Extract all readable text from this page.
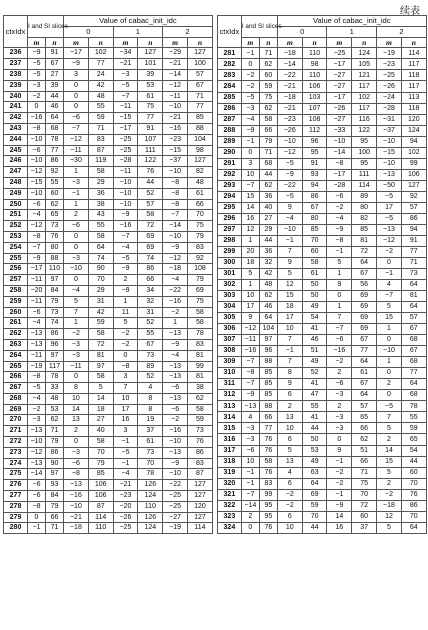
续表
ctxIdx	I and SI slices		Value of cabac_init_idc					
			0		1		2	
	m	n	m	n	m	n	m	n
236	−9	91	−17	102	−34	127	−29	127
237	−5	67	−9	77	−21	101	−21	100
238	−5	27	3	24	−3	39	−14	57
239	−3	39	0	42	−5	53	−12	67
240	−2	44	0	48	−7	61	−11	71
241	0	46	0	55	−11	75	−10	77
242	−16	64	−6	59	−15	77	−21	85
243	−8	68	−7	71	−17	91	−16	88
244	−10	78	−12	83	−25	107	−23	104
245	−6	77	−11	87	−25	111	−15	98
246	−10	86	−30	119	−28	122	−37	127
247	−12	92	1	58	−11	76	−10	82
248	−15	55	−3	29	−10	44	−8	48
249	−10	60	−1	36	−10	52	−8	61
250	−6	62	1	38	−10	57	−8	66
251	−4	65	2	43	−9	58	−7	70
252	−12	73	−6	55	−16	72	−14	75
253	−8	76	0	58	−7	69	−10	79
254	−7	80	0	64	−4	69	−9	83
255	−9	88	−3	74	−5	74	−12	92
256	−17	110	−10	90	−9	86	−18	108
257	−11	97	0	70	2	66	−4	79
258	−20	84	−4	29	−9	34	−22	69
259	−11	79	5	31	1	32	−16	75
260	−6	73	7	42	11	31	−2	58
261	−4	74	1	59	5	52	1	58
262	−13	86	−2	58	−2	55	−13	78
263	−13	96	−3	72	−2	67	−9	83
264	−11	97	−3	81	0	73	−4	81
265	−19	117	−11	97	−8	89	−13	99
266	−8	78	0	58	3	52	−13	81
267	−5	33	8	5	7	4	−6	38
268	−4	48	10	14	10	8	−13	62
269	−2	53	14	18	17	8	−6	58
270	−3	62	13	27	16	19	−2	59
271	−13	71	2	40	3	37	−16	73
272	−10	79	0	58	−1	61	−10	76
273	−12	86	−3	70	−5	73	−13	86
274	−13	90	−6	79	−1	70	−9	83
275	−14	97	−8	85	−4	78	−10	87
276	−6	93	−13	106	−21	126	−22	127
277	−6	84	−16	106	−23	124	−25	127
278	−8	79	−10	87	−20	110	−25	120
279	0	66	−21	114	−26	126	−27	127
280	−1	71	−18	110	−25	124	−19	114
ctxIdx	I and SI slices		Value of cabac_init_idc					
			0		1		2	
	m	n	m	n	m	n	m	n
281	−1	71	−18	110	−25	124	−19	114
282	0	62	−14	98	−17	105	−23	117
283	−2	60	−22	110	−27	121	−25	118
284	−2	59	−21	106	−27	117	−26	117
285	−5	75	−18	103	−17	102	−24	113
286	−3	62	−21	107	−26	117	−28	118
287	−4	58	−23	108	−27	116	−31	120
288	−9	66	−26	112	−33	122	−37	124
289	−1	79	−10	96	−10	95	−10	94
290	0	71	−12	95	−14	100	−15	102
291	3	68	−5	91	−8	95	−10	99
292	10	44	−9	93	−17	111	−13	106
293	−7	62	−22	94	−28	114	−50	127
294	15	36	−5	86	−6	89	−5	92
295	14	40	9	67	−2	80	17	57
296	16	27	−4	80	−4	82	−5	86
297	12	29	−10	85	−9	85	−13	94
298	1	44	−1	70	−8	81	−12	91
299	20	36	7	60	−1	72	−2	77
300	18	32	9	58	5	64	0	71
301	5	42	5	61	1	67	−1	73
302	1	48	12	50	9	56	4	64
303	10	62	15	50	0	69	−7	81
304	17	46	18	49	1	69	5	64
305	9	64	17	54	7	69	15	57
306	−12	104	10	41	−7	69	1	67
307	−11	97	7	46	−6	67	0	68
308	−16	96	−1	51	−16	77	−10	67
309	−7	88	7	49	−2	64	1	68
310	−8	85	8	52	2	61	0	77
311	−7	85	9	41	−6	67	2	64
312	−9	85	6	47	−3	64	0	68
313	−13	88	2	55	2	57	−5	78
314	4	66	13	41	−3	65	7	55
315	−3	77	10	44	−3	66	5	59
316	−3	76	6	50	0	62	2	65
317	−6	76	5	53	9	51	14	54
318	10	58	13	49	−1	66	15	44
319	−1	76	4	63	−2	71	5	60
320	−1	83	6	64	−2	75	2	70
321	−7	99	−2	69	−1	70	−2	76
322	−14	95	−2	59	−9	72	−18	86
323	2	95	6	70	14	60	12	70
324	0	76	10	44	16	37	5	64
